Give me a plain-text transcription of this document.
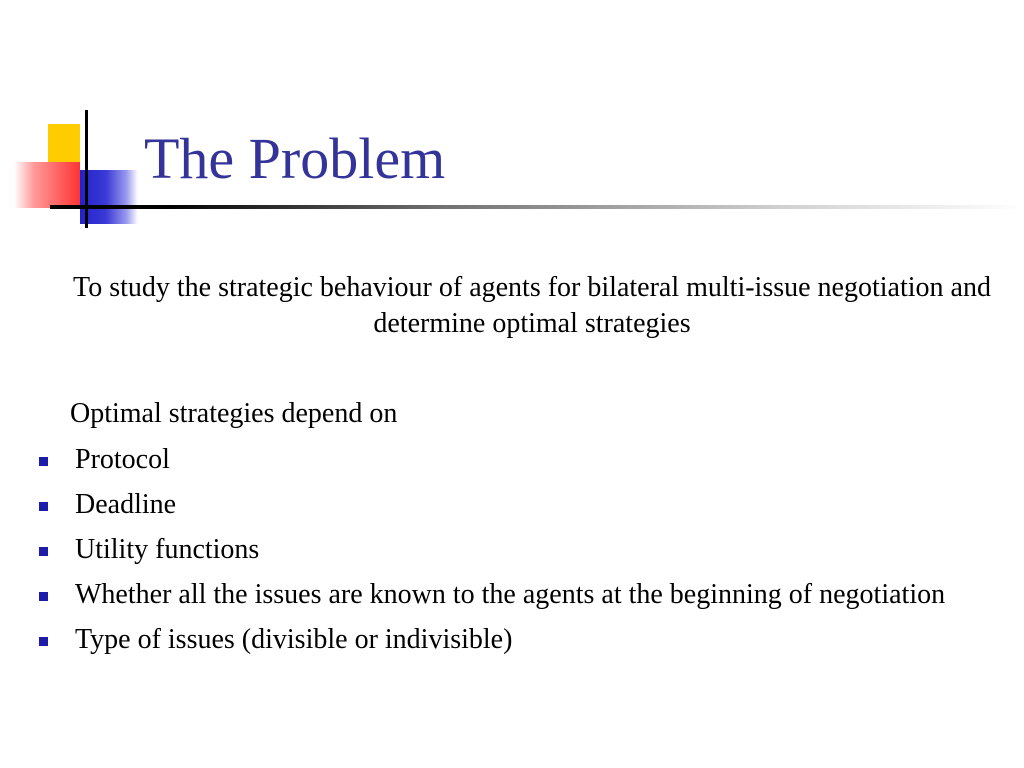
The Problem

To study the strategic behaviour of agents for bilateral multi-issue negotiation and determine optimal strategies

Optimal strategies depend on

Protocol
Deadline
Utility functions
Whether all the issues are known to the agents at the beginning of negotiation
Type of issues (divisible or indivisible)
